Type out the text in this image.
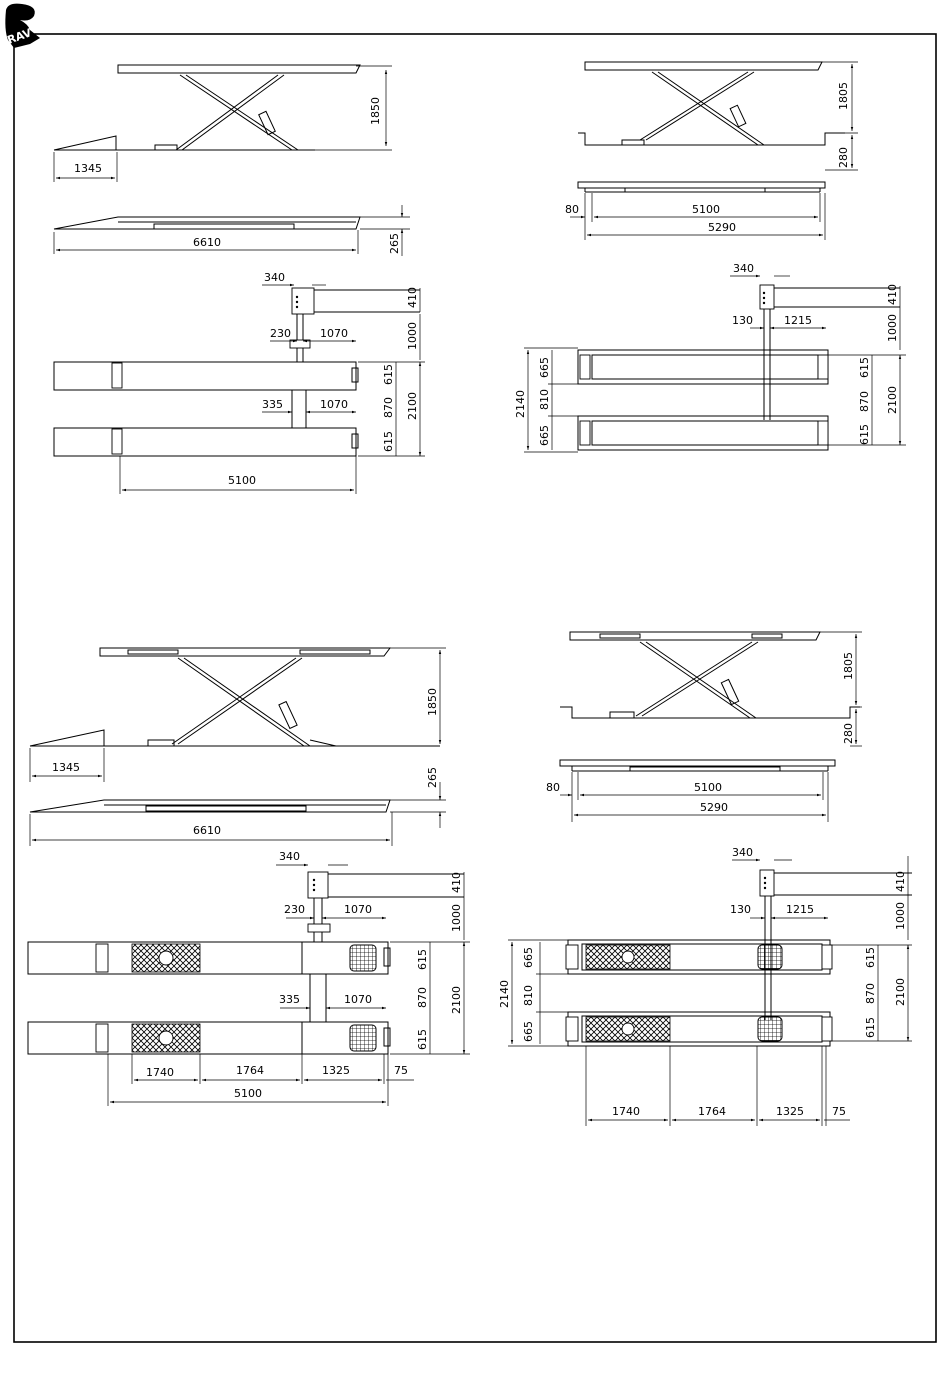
RAV
1850
1345
6610	265
340
410
230	1070	1000
335	1070
615
870
615
2100
5100
1805
280
80	5100
5290
340
410
130	1215	1000
2140
665
810
665
615
870
615
2100
1850
1345
6610
265
340
410
230	1070	1000
335	1070
615
870
615
2100
1740	1764	1325	75
5100
1805
280
80	5100
5290
340
410
130	1215	1000
2140
665
810
665
615
870
615
2100
1740	1764	1325	75
